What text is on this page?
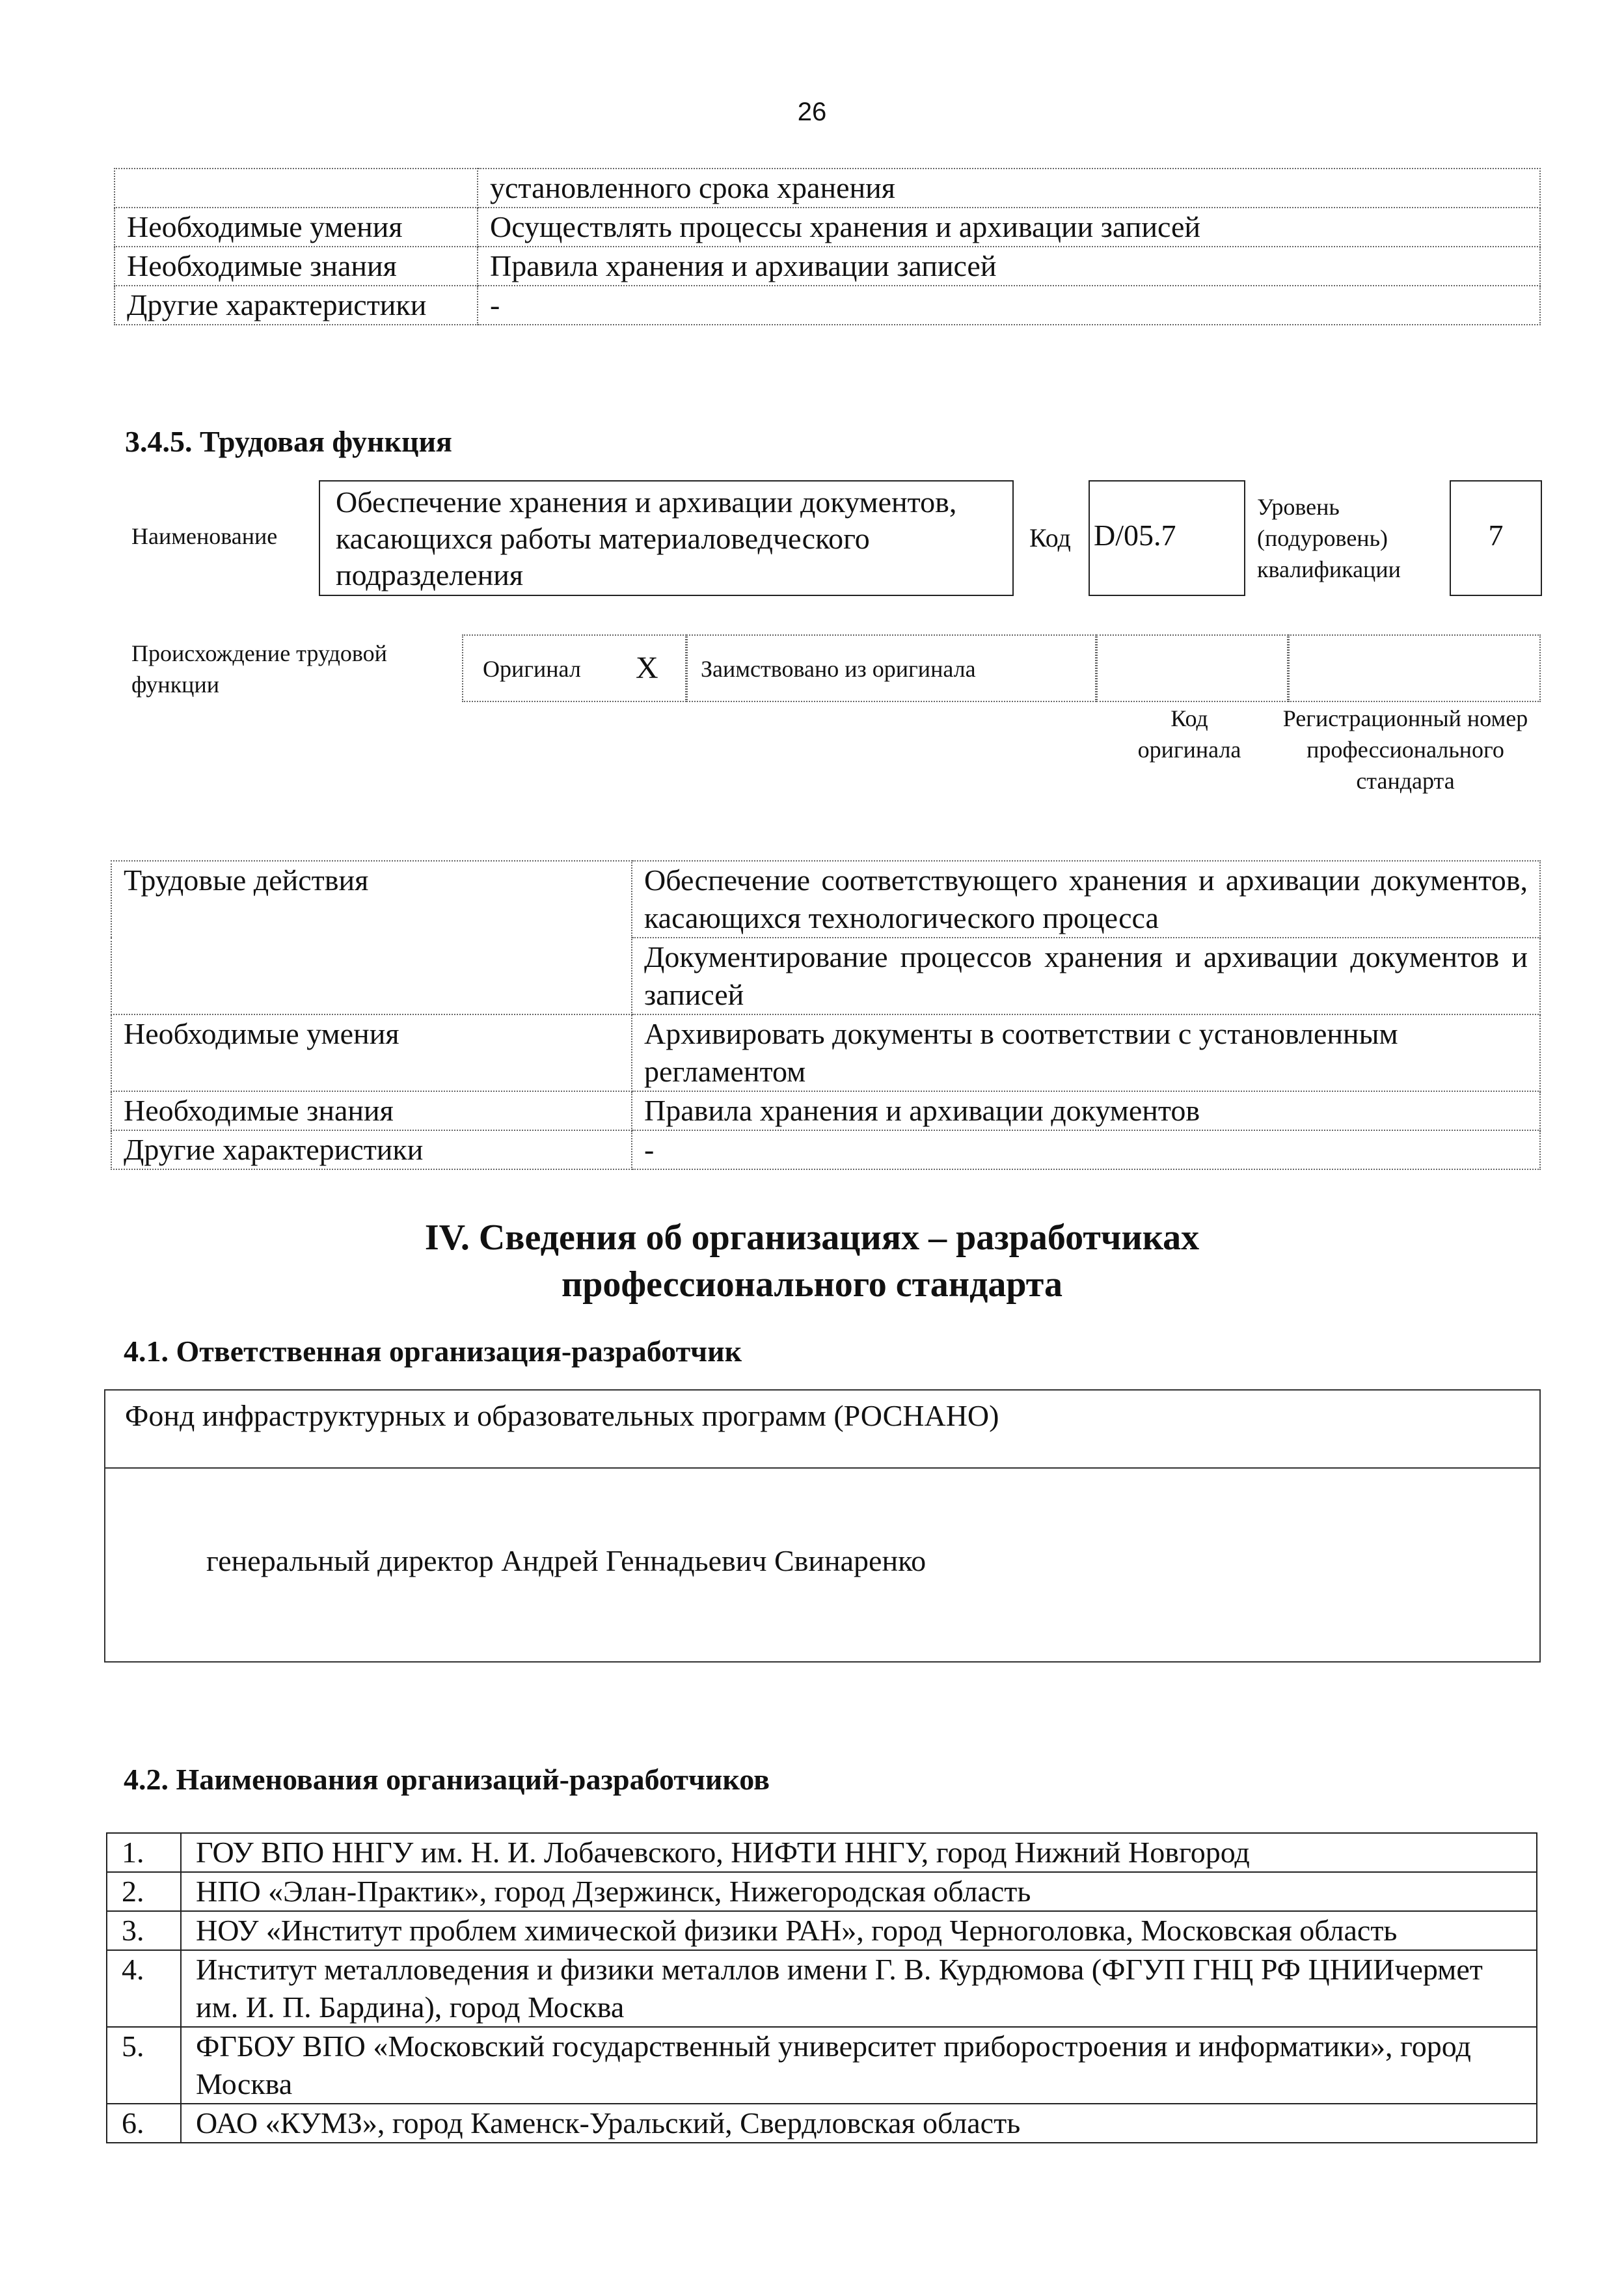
26
	установленного срока хранения
Необходимые умения	Осуществлять процессы хранения и архивации записей
Необходимые знания	Правила хранения и архивации записей
Другие характеристики	-
3.4.5. Трудовая функция
Наименование
Обеспечение хранения и архивации документов, касающихся работы материаловедческого подразделения
Код D/05.7
Уровень (подуровень) квалификации
7
Происхождение трудовой функции
Оригинал X Заимствовано из оригинала
Код оригинала
Регистрационный номер профессионального стандарта
Трудовые действия	Обеспечение соответствующего хранения и архивации документов, касающихся технологического процесса
	Документирование процессов хранения и архивации документов и записей
Необходимые умения	Архивировать документы в соответствии с установленным регламентом
Необходимые знания	Правила хранения и архивации документов
Другие характеристики	-
IV. Сведения об организациях – разработчиках
профессионального стандарта
4.1. Ответственная организация-разработчик
Фонд инфраструктурных и образовательных программ (РОСНАНО)
генеральный директор Андрей Геннадьевич Свинаренко
4.2. Наименования организаций-разработчиков
1.	ГОУ ВПО ННГУ им. Н. И. Лобачевского, НИФТИ ННГУ, город Нижний Новгород
2.	НПО «Элан-Практик», город Дзержинск, Нижегородская область
3.	НОУ «Институт проблем химической физики РАН», город Черноголовка, Московская область
4.	Институт металловедения и физики металлов имени Г. В. Курдюмова (ФГУП ГНЦ РФ ЦНИИчермет им. И. П. Бардина), город Москва
5.	ФГБОУ ВПО «Московский государственный университет приборостроения и информатики», город Москва
6.	ОАО «КУМЗ», город Каменск-Уральский, Свердловская область
